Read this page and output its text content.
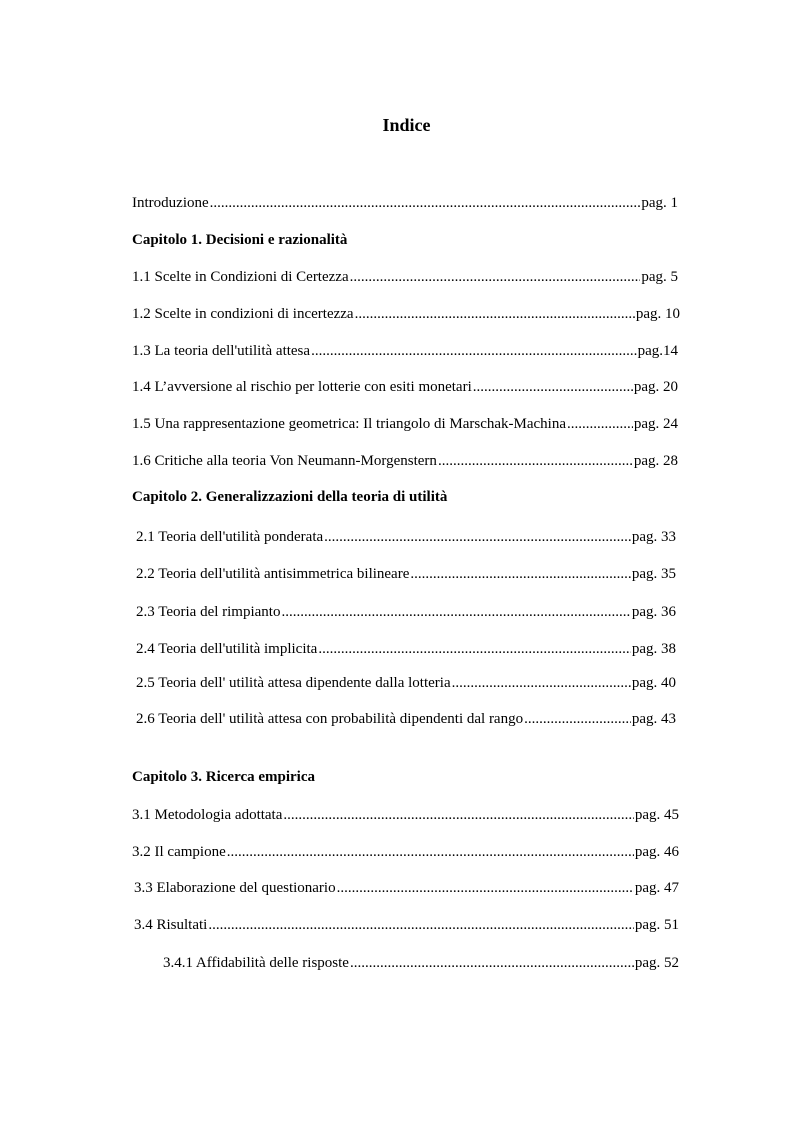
Indice
Introduzione .....	pag. 1
Capitolo 1. Decisioni e razionalità
1.1 Scelte in Condizioni di Certezza .....	pag. 5
1.2 Scelte in condizioni di incertezza .....	pag. 10
1.3 La teoria dell'utilità attesa .....	pag.14
1.4 L’avversione al rischio per lotterie con esiti monetari .....	pag. 20
1.5 Una rappresentazione geometrica: Il triangolo di Marschak-Machina .....	pag. 24
1.6 Critiche alla teoria Von Neumann-Morgenstern .....	pag. 28
Capitolo 2. Generalizzazioni della teoria di utilità
2.1 Teoria dell'utilità ponderata .....	pag. 33
2.2 Teoria dell'utilità antisimmetrica bilineare .....	pag. 35
2.3 Teoria del rimpianto .....	pag. 36
2.4 Teoria dell'utilità implicita .....	pag. 38
2.5 Teoria dell' utilità attesa dipendente dalla lotteria .....	pag. 40
2.6 Teoria dell' utilità attesa con probabilità dipendenti dal rango .....	pag. 43
Capitolo 3. Ricerca empirica
3.1 Metodologia adottata .....	pag. 45
3.2 Il campione .....	pag. 46
3.3 Elaborazione del questionario .....	pag. 47
3.4 Risultati .....	pag. 51
3.4.1 Affidabilità delle risposte .....	pag. 52
